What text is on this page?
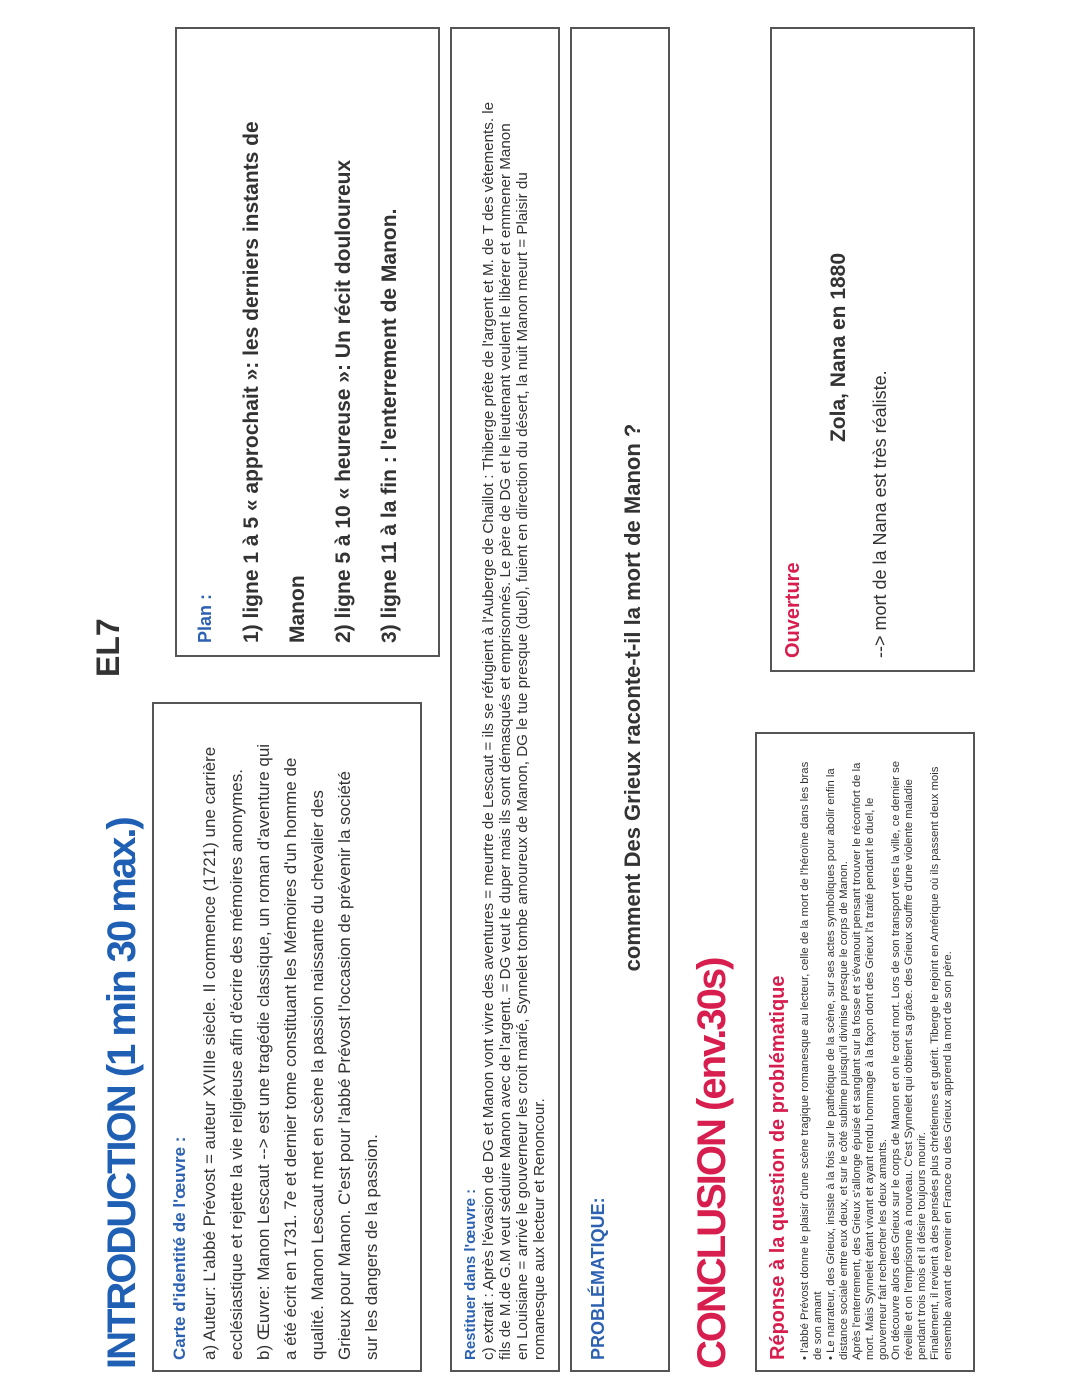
INTRODUCTION (1 min 30 max.)
EL7
Carte d'identité de l'œuvre : a) Auteur: L'abbé Prévost = auteur XVIIIe siècle. Il commence (1721) une carrière ecclésiastique et rejette la vie religieuse afin d'écrire des mémoires anonymes. b) Œuvre: Manon Lescaut --> est une tragédie classique, un roman d'aventure qui a été écrit en 1731. 7e et dernier tome constituant les Mémoires d'un homme de qualité. Manon Lescaut met en scène la passion naissante du chevalier des Grieux pour Manon. C'est pour l'abbé Prévost l'occasion de prévenir la société sur les dangers de la passion.
Plan :	1) ligne 1 à 5 « approchait »: les derniers instants de	Manon	2) ligne 5 à 10 « heureuse »: Un récit douloureux	3) ligne 11 à la fin : l'enterrement de Manon.
Restituer dans l'œuvre : c) extrait : Après l'évasion de DG et Manon vont vivre des aventures = meurtre de Lescaut = ils se réfugient à l'Auberge de Chaillot : Thiberge prête de l'argent et M. de T des vêtements. le fils de M.de G.M veut séduire Manon avec de l'argent. = DG veut le duper mais ils sont démasqués et emprisonnés. Le père de DG et le lieutenant veulent le libérer et emmener Manon en Louisiane = arrivé le gouverneur les croit marié, Synnelet tombe amoureux de Manon, DG le tue presque (duel), fuient en direction du désert, la nuit Manon meurt = Plaisir du romanesque aux lecteur et Renoncour. PROBLÉMATIQUE:
comment Des Grieux raconte-t-il la mort de Manon ?
CONCLUSION (env.30s) Réponse à la question de problématique • l'abbé Prévost donne le plaisir d'une scène tragique romanesque au lecteur, celle de la mort de l'héroïne dans les bras de son amant • Le narrateur, des Grieux, insiste à la fois sur le pathétique de la scène, sur ses actes symboliques pour abolir enfin la distance sociale entre eux deux, et sur le côté sublime puisqu'il divinise presque le corps de Manon. Après l'enterrement, des Grieux s'allonge épuisé et sanglant sur la fosse et s'évanouit pensant trouver le réconfort de la mort. Mais Synnelet étant vivant et ayant rendu hommage à la façon dont des Grieux l'a traité pendant le duel, le gouverneur fait rechercher les deux amants. On découvre alors des Grieux sur le corps de Manon et on le croit mort. Lors de son transport vers la ville, ce dernier se réveille et on l'emprisonne à nouveau. C'est Synnelet qui obtient sa grâce. des Grieux souffre d'une violente maladie pendant trois mois et il désire toujours mourir. Finalement, il revient à des pensées plus chrétiennes et guérit. Tiberge le rejoint en Amérique où ils passent deux mois ensemble avant de revenir en France ou des Grieux apprend la mort de son père.
Ouverture
Zola, Nana en 1880
--> mort de la Nana est très réaliste.
